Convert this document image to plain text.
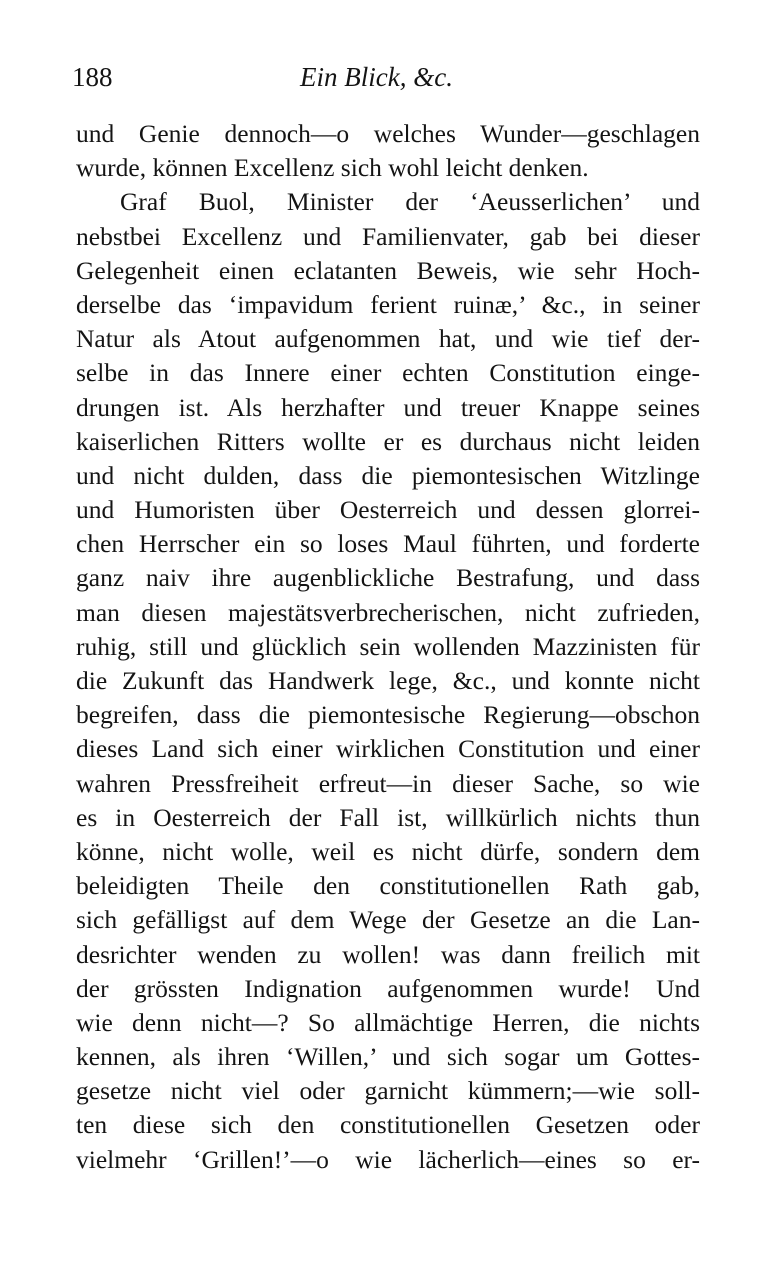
188	Ein Blick, &c.
und Genie dennoch—o welches Wunder—geschlagen
wurde, können Excellenz sich wohl leicht denken.
Graf Buol, Minister der ‘Aeusserlichen’ und
nebstbei Excellenz und Familienvater, gab bei dieser
Gelegenheit einen eclatanten Beweis, wie sehr Hoch-
derselbe das ‘impavidum ferient ruinæ,’ &c., in seiner
Natur als Atout aufgenommen hat, und wie tief der-
selbe in das Innere einer echten Constitution einge-
drungen ist. Als herzhafter und treuer Knappe seines
kaiserlichen Ritters wollte er es durchaus nicht leiden
und nicht dulden, dass die piemontesischen Witzlinge
und Humoristen über Oesterreich und dessen glorrei-
chen Herrscher ein so loses Maul führten, und forderte
ganz naiv ihre augenblickliche Bestrafung, und dass
man diesen majestätsverbrecherischen, nicht zufrieden,
ruhig, still und glücklich sein wollenden Mazzinisten für
die Zukunft das Handwerk lege, &c., und konnte nicht
begreifen, dass die piemontesische Regierung—obschon
dieses Land sich einer wirklichen Constitution und einer
wahren Pressfreiheit erfreut—in dieser Sache, so wie
es in Oesterreich der Fall ist, willkürlich nichts thun
könne, nicht wolle, weil es nicht dürfe, sondern dem
beleidigten Theile den constitutionellen Rath gab,
sich gefälligst auf dem Wege der Gesetze an die Lan-
desrichter wenden zu wollen! was dann freilich mit
der grössten Indignation aufgenommen wurde! Und
wie denn nicht—? So allmächtige Herren, die nichts
kennen, als ihren ‘Willen,’ und sich sogar um Gottes-
gesetze nicht viel oder garnicht kümmern;—wie soll-
ten diese sich den constitutionellen Gesetzen oder
vielmehr ‘Grillen!’—o wie lächerlich—eines so er-
